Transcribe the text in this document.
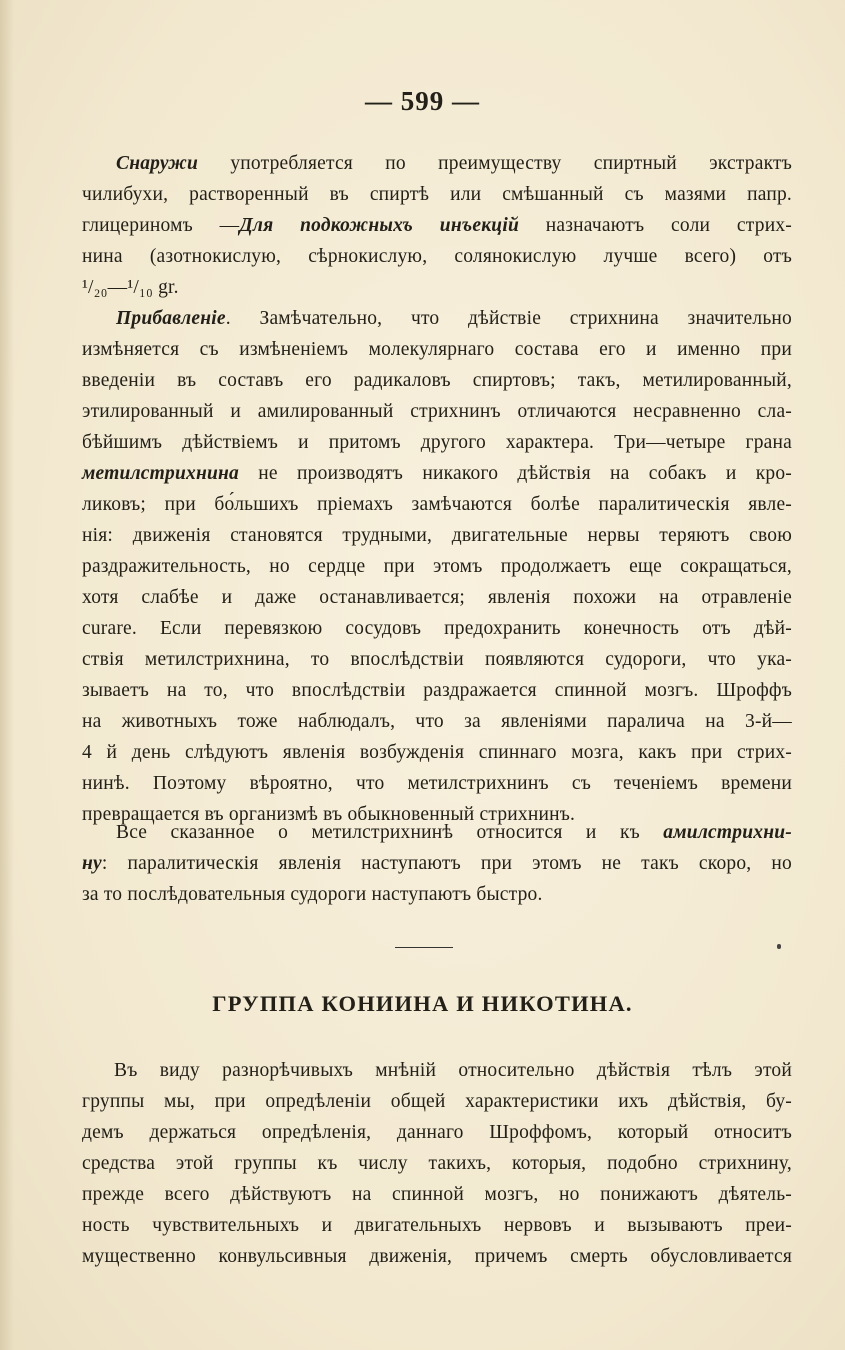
— 599 —
Снаружи употребляется по преимуществу спиртный экстрактъ
чилибухи, растворенный въ спиртѣ или смѣшанный съ мазями папр.
глицериномъ —Для подкожныхъ инъекцій назначаютъ соли стрих-
нина (азотнокислую, сѣрнокислую, солянокислую лучше всего) отъ
¹/₂₀—¹/₁₀ gr.
Прибавленіе. Замѣчательно, что дѣйствіе стрихнина значительно
измѣняется съ измѣненіемъ молекулярнаго состава его и именно при
введеніи въ составъ его радикаловъ спиртовъ; такъ, метилированный,
этилированный и амилированный стрихнинъ отличаются несравненно сла-
бѣйшимъ дѣйствіемъ и притомъ другого характера. Три—четыре грана
метилстрихнина не производятъ никакого дѣйствія на собакъ и кро-
ликовъ; при бо́льшихъ пріемахъ замѣчаются болѣе паралитическія явле-
нія: движенія становятся трудными, двигательные нервы теряютъ свою
раздражительность, но сердце при этомъ продолжаетъ еще сокращаться,
хотя слабѣе и даже останавливается; явленія похожи на отравленіе
curare. Если перевязкою сосудовъ предохранить конечность отъ дѣй-
ствія метилстрихнина, то впослѣдствіи появляются судороги, что ука-
зываетъ на то, что впослѣдствіи раздражается спинной мозгъ. Шроффъ
на животныхъ тоже наблюдалъ, что за явленіями паралича на 3-й—
4 й день слѣдуютъ явленія возбужденія спиннаго мозга, какъ при стрих-
нинѣ. Поэтому вѣроятно, что метилстрихнинъ съ теченіемъ времени
превращается въ организмѣ въ обыкновенный стрихнинъ.
Все сказанное о метилстрихнинѣ относится и къ амилстрихни-
ну: паралитическія явленія наступаютъ при этомъ не такъ скоро, но
за то послѣдовательныя судороги наступаютъ быстро.
ГРУППА КОНИИНА И НИКОТИНА.
Въ виду разнорѣчивыхъ мнѣній относительно дѣйствія тѣлъ этой
группы мы, при опредѣленіи общей характеристики ихъ дѣйствія, бу-
демъ держаться опредѣленія, даннаго Шроффомъ, который относитъ
средства этой группы къ числу такихъ, которыя, подобно стрихнину,
прежде всего дѣйствуютъ на спинной мозгъ, но понижаютъ дѣятель-
ность чувствительныхъ и двигательныхъ нервовъ и вызываютъ преи-
мущественно конвульсивныя движенія, причемъ смерть обусловливается
